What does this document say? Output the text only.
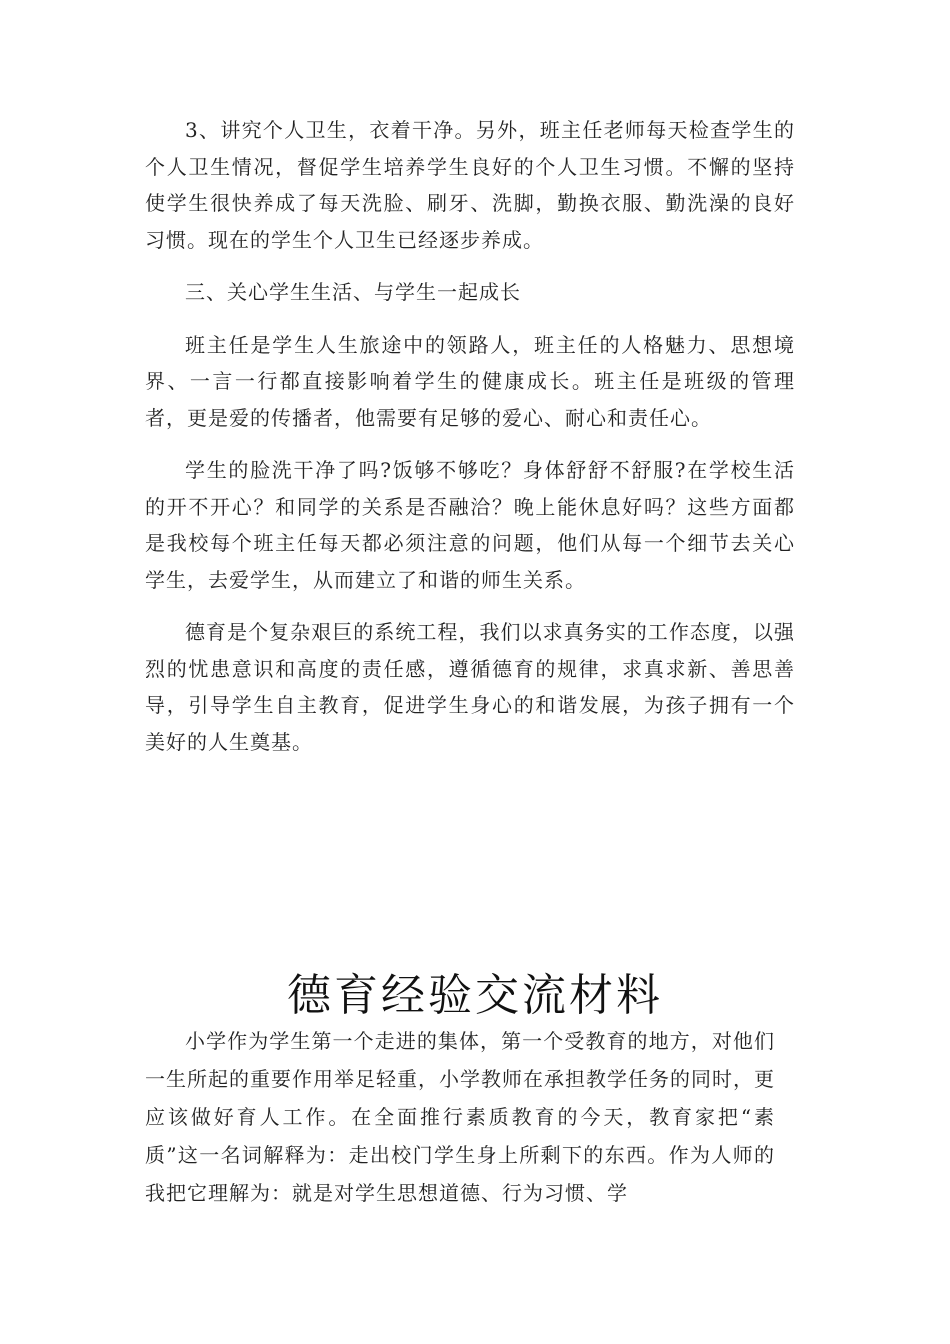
3、讲究个人卫生，衣着干净。另外，班主任老师每天检查学生的个人卫生情况，督促学生培养学生良好的个人卫生习惯。不懈的坚持使学生很快养成了每天洗脸、刷牙、洗脚，勤换衣服、勤洗澡的良好习惯。现在的学生个人卫生已经逐步养成。

三、关心学生生活、与学生一起成长

班主任是学生人生旅途中的领路人，班主任的人格魅力、思想境界、一言一行都直接影响着学生的健康成长。班主任是班级的管理者，更是爱的传播者，他需要有足够的爱心、耐心和责任心。

学生的脸洗干净了吗?饭够不够吃？身体舒舒不舒服?在学校生活的开不开心？和同学的关系是否融洽？晚上能休息好吗？这些方面都是我校每个班主任每天都必须注意的问题，他们从每一个细节去关心学生，去爱学生，从而建立了和谐的师生关系。

德育是个复杂艰巨的系统工程，我们以求真务实的工作态度，以强烈的忧患意识和高度的责任感，遵循德育的规律，求真求新、善思善导，引导学生自主教育，促进学生身心的和谐发展，为孩子拥有一个美好的人生奠基。

德育经验交流材料

小学作为学生第一个走进的集体，第一个受教育的地方，对他们一生所起的重要作用举足轻重，小学教师在承担教学任务的同时，更应该做好育人工作。在全面推行素质教育的今天，教育家把“素质”这一名词解释为：走出校门学生身上所剩下的东西。作为人师的我把它理解为：就是对学生思想道德、行为习惯、学
